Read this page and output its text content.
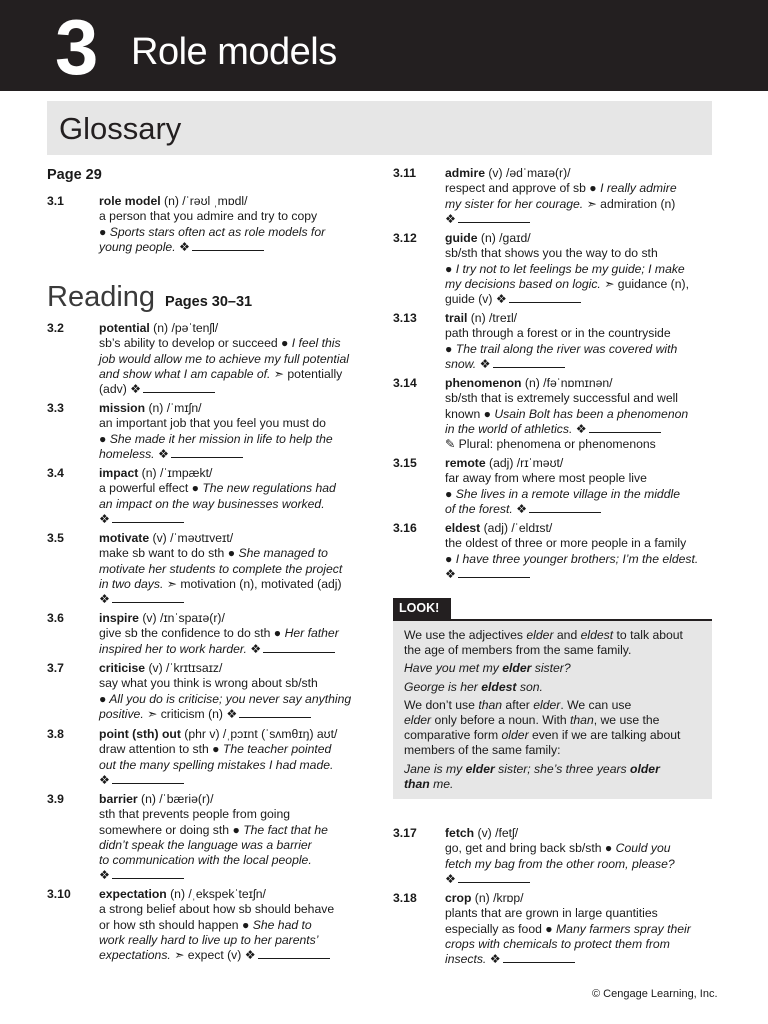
3 Role models
Glossary
Page 29
Reading Pages 30–31
3.1	role model (n) /ˈrəʊl ˌmɒdl/
a person that you admire and try to copy
● Sports stars often act as role models for
young people. ❖
3.2	potential (n) /pəˈtenʃl/
sb’s ability to develop or succeed ● I feel this
job would allow me to achieve my full potential
and show what I am capable of. ➣ potentially
(adv) ❖
3.3	mission (n) /ˈmɪʃn/
an important job that you feel you must do
● She made it her mission in life to help the
homeless. ❖
3.4	impact (n) /ˈɪmpækt/
a powerful effect ● The new regulations had
an impact on the way businesses worked.
❖
3.5	motivate (v) /ˈməʊtɪveɪt/
make sb want to do sth ● She managed to
motivate her students to complete the project
in two days. ➣ motivation (n), motivated (adj)
❖
3.6	inspire (v) /ɪnˈspaɪə(r)/
give sb the confidence to do sth ● Her father
inspired her to work harder. ❖
3.7	criticise (v) /ˈkrɪtɪsaɪz/
say what you think is wrong about sb/sth
● All you do is criticise; you never say anything
positive. ➣ criticism (n) ❖
3.8	point (sth) out (phr v) /ˌpɔɪnt (ˈsʌmθɪŋ) aʊt/
draw attention to sth ● The teacher pointed
out the many spelling mistakes I had made.
❖
3.9	barrier (n) /ˈbæriə(r)/
sth that prevents people from going
somewhere or doing sth ● The fact that he
didn’t speak the language was a barrier
to communication with the local people.
❖
3.10 expectation (n) /ˌekspekˈteɪʃn/
a strong belief about how sb should behave
or how sth should happen ● She had to
work really hard to live up to her parents’
expectations. ➣ expect (v) ❖
3.11 admire (v) /ədˈmaɪə(r)/
respect and approve of sb ● I really admire
my sister for her courage. ➣ admiration (n)
❖
3.12 guide (n) /ɡaɪd/
sb/sth that shows you the way to do sth
● I try not to let feelings be my guide; I make
my decisions based on logic. ➣ guidance (n),
guide (v) ❖
3.13 trail (n) /treɪl/
path through a forest or in the countryside
● The trail along the river was covered with
snow. ❖
3.14 phenomenon (n) /fəˈnɒmɪnən/
sb/sth that is extremely successful and well
known ● Usain Bolt has been a phenomenon
in the world of athletics. ❖
✎ Plural: phenomena or phenomenons
3.15 remote (adj) /rɪˈməʊt/
far away from where most people live
● She lives in a remote village in the middle
of the forest. ❖
3.16 eldest (adj) /ˈeldɪst/
the oldest of three or more people in a family
● I have three younger brothers; I’m the eldest.
❖
LOOK!
We use the adjectives elder and eldest to talk about
the age of members from the same family.
Have you met my elder sister?
George is her eldest son.
We don’t use than after elder. We can use
elder only before a noun. With than, we use the
comparative form older even if we are talking about
members of the same family:
Jane is my elder sister; she’s three years older
than me.
3.17 fetch (v) /fetʃ/
go, get and bring back sb/sth ● Could you
fetch my bag from the other room, please?
❖
3.18 crop (n) /krɒp/
plants that are grown in large quantities
especially as food ● Many farmers spray their
crops with chemicals to protect them from
insects. ❖
© Cengage Learning, Inc.
